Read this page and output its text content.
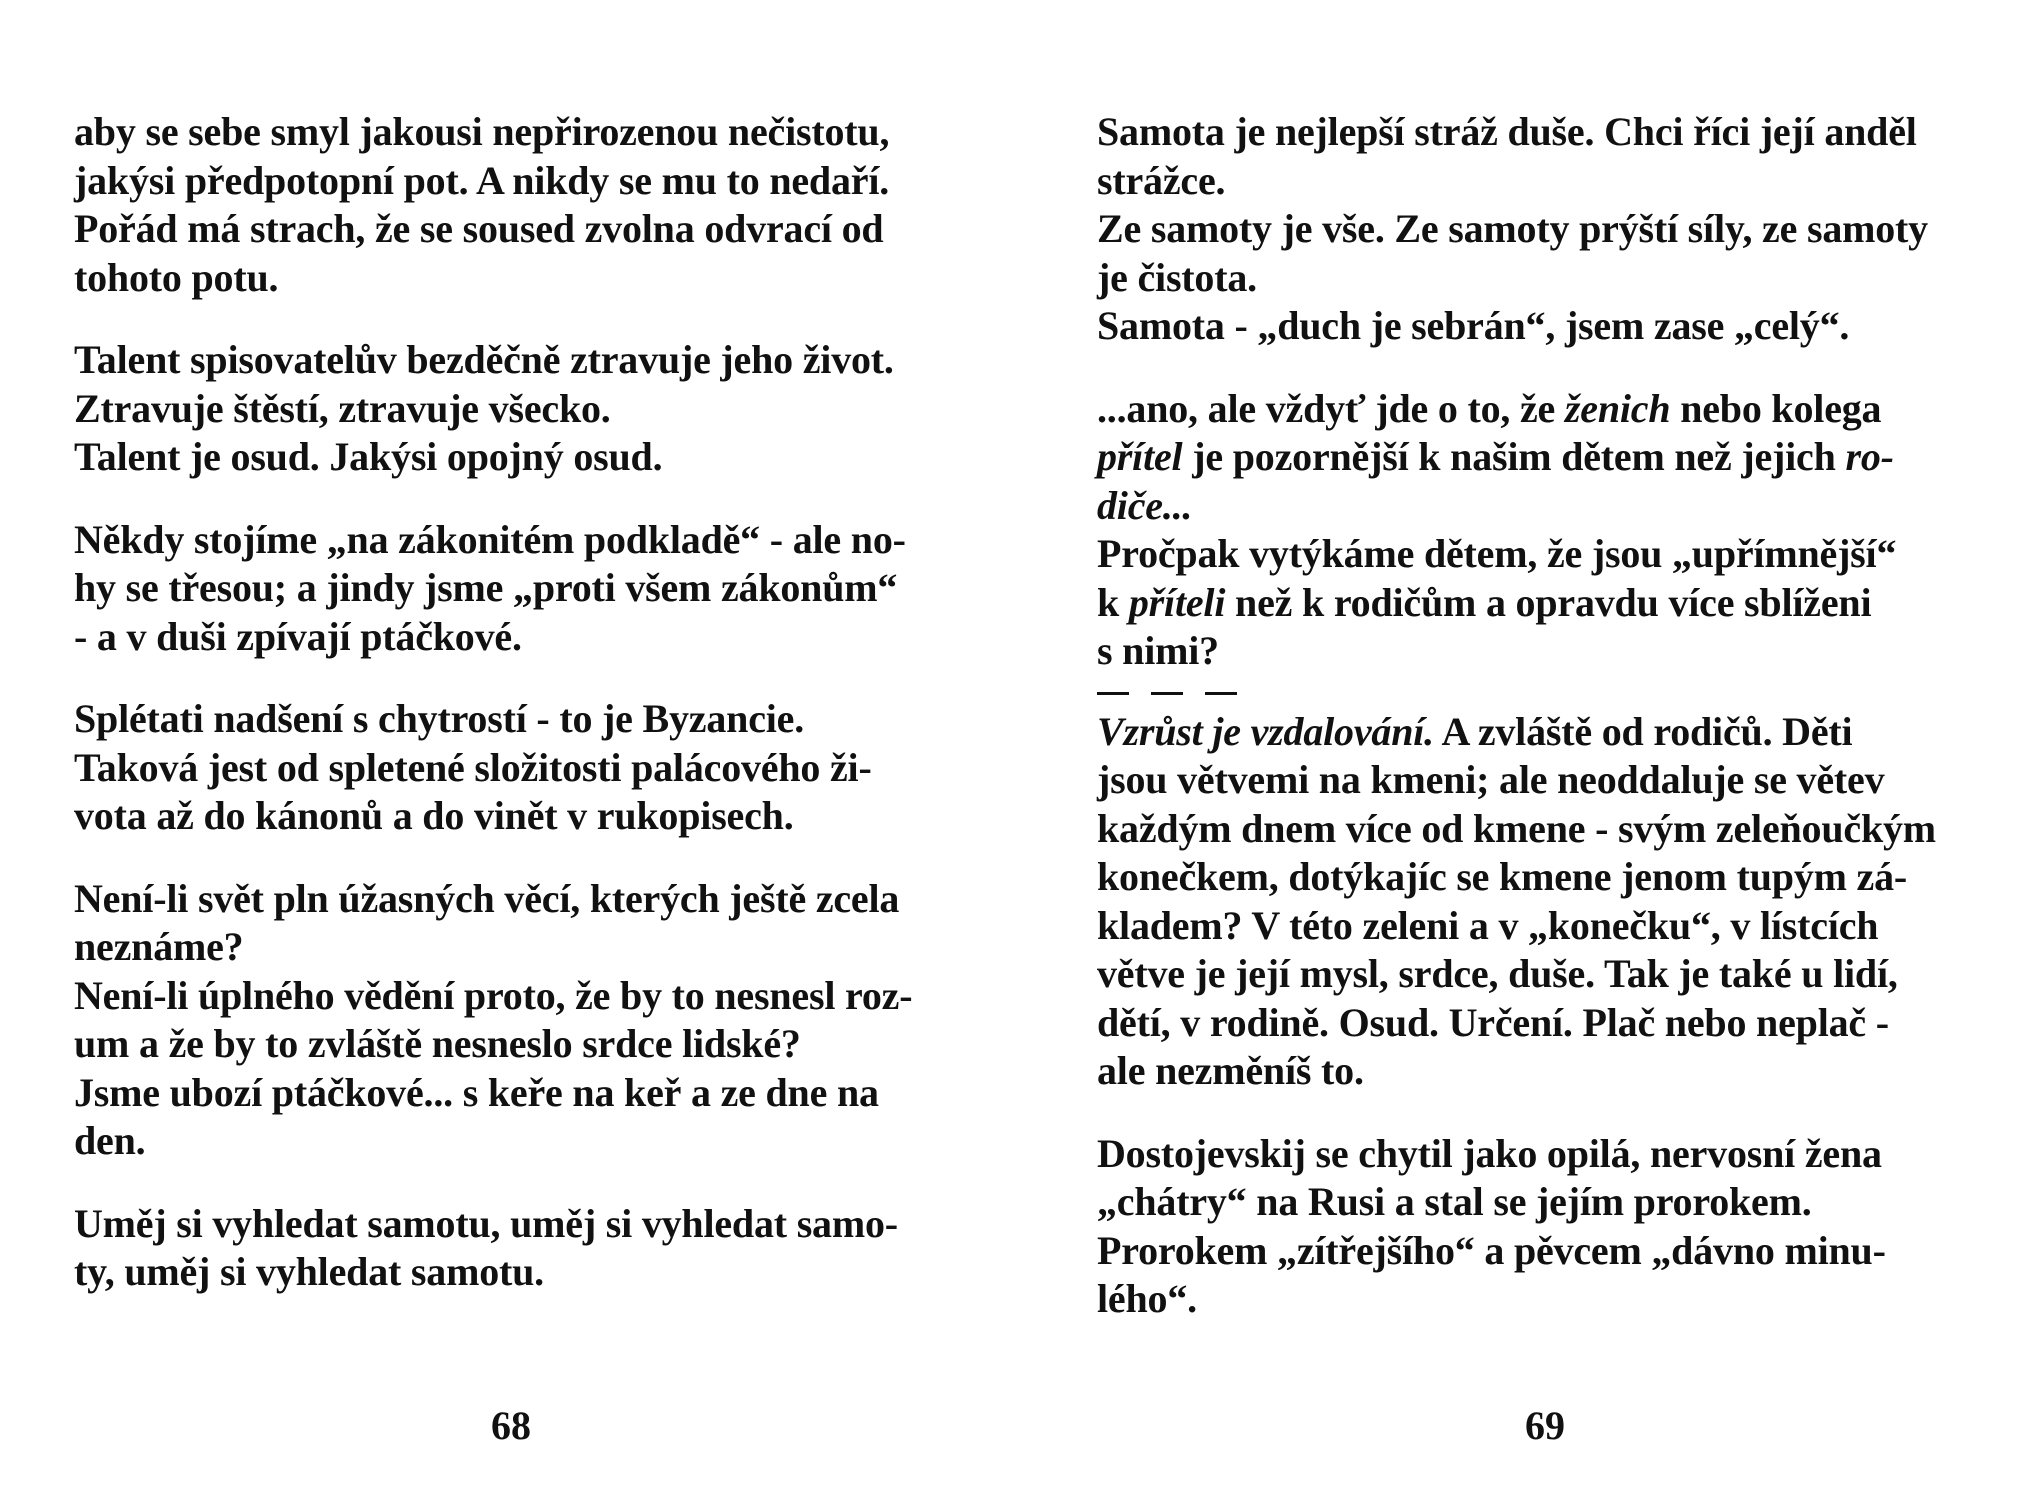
aby se sebe smyl jakousi nepřirozenou nečistotu,
jakýsi předpotopní pot. A nikdy se mu to nedaří.
Pořád má strach, že se soused zvolna odvrací od
tohoto potu.

Talent spisovatelův bezděčně ztravuje jeho život.
Ztravuje štěstí, ztravuje všecko.
Talent je osud. Jakýsi opojný osud.

Někdy stojíme „na zákonitém podkladě“ - ale no-
hy se třesou; a jindy jsme „proti všem zákonům“
- a v duši zpívají ptáčkové.

Splétati nadšení s chytrostí - to je Byzancie.
Taková jest od spletené složitosti palácového ži-
vota až do kánonů a do vinět v rukopisech.

Není-li svět pln úžasných věcí, kterých ještě zcela
neznáme?
Není-li úplného vědění proto, že by to nesnesl roz-
um a že by to zvláště nesneslo srdce lidské?
Jsme ubozí ptáčkové... s keře na keř a ze dne na
den.

Uměj si vyhledat samotu, uměj si vyhledat samo-
ty, uměj si vyhledat samotu.

68

Samota je nejlepší stráž duše. Chci říci její anděl
strážce.
Ze samoty je vše. Ze samoty prýští síly, ze samoty
je čistota.
Samota - „duch je sebrán“, jsem zase „celý“.

...ano, ale vždyť jde o to, že ženich nebo kolega
přítel je pozornější k našim dětem než jejich ro-
diče...
Pročpak vytýkáme dětem, že jsou „upřímnější“
k příteli než k rodičům a opravdu více sblíženi
s nimi?

Vzrůst je vzdalování. A zvláště od rodičů. Děti
jsou větvemi na kmeni; ale neoddaluje se větev
každým dnem více od kmene - svým zeleňoučkým
konečkem, dotýkajíc se kmene jenom tupým zá-
kladem? V této zeleni a v „konečku“, v lístcích
větve je její mysl, srdce, duše. Tak je také u lidí,
dětí, v rodině. Osud. Určení. Plač nebo neplač -
ale nezměníš to.

Dostojevskij se chytil jako opilá, nervosní žena
„chátry“ na Rusi a stal se jejím prorokem.
Prorokem „zítřejšího“ a pěvcem „dávno minu-
lého“.

69
